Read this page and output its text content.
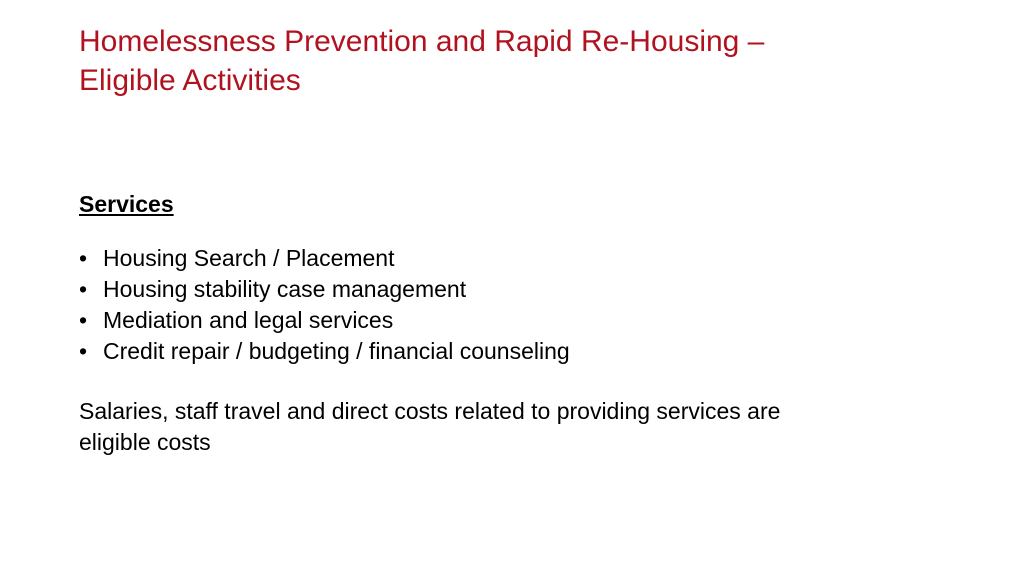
Homelessness Prevention and Rapid Re-Housing –
Eligible Activities
Services
• Housing Search / Placement
• Housing stability case management
• Mediation and legal services
• Credit repair / budgeting / financial counseling

Salaries, staff travel and direct costs related to providing services are
eligible costs
